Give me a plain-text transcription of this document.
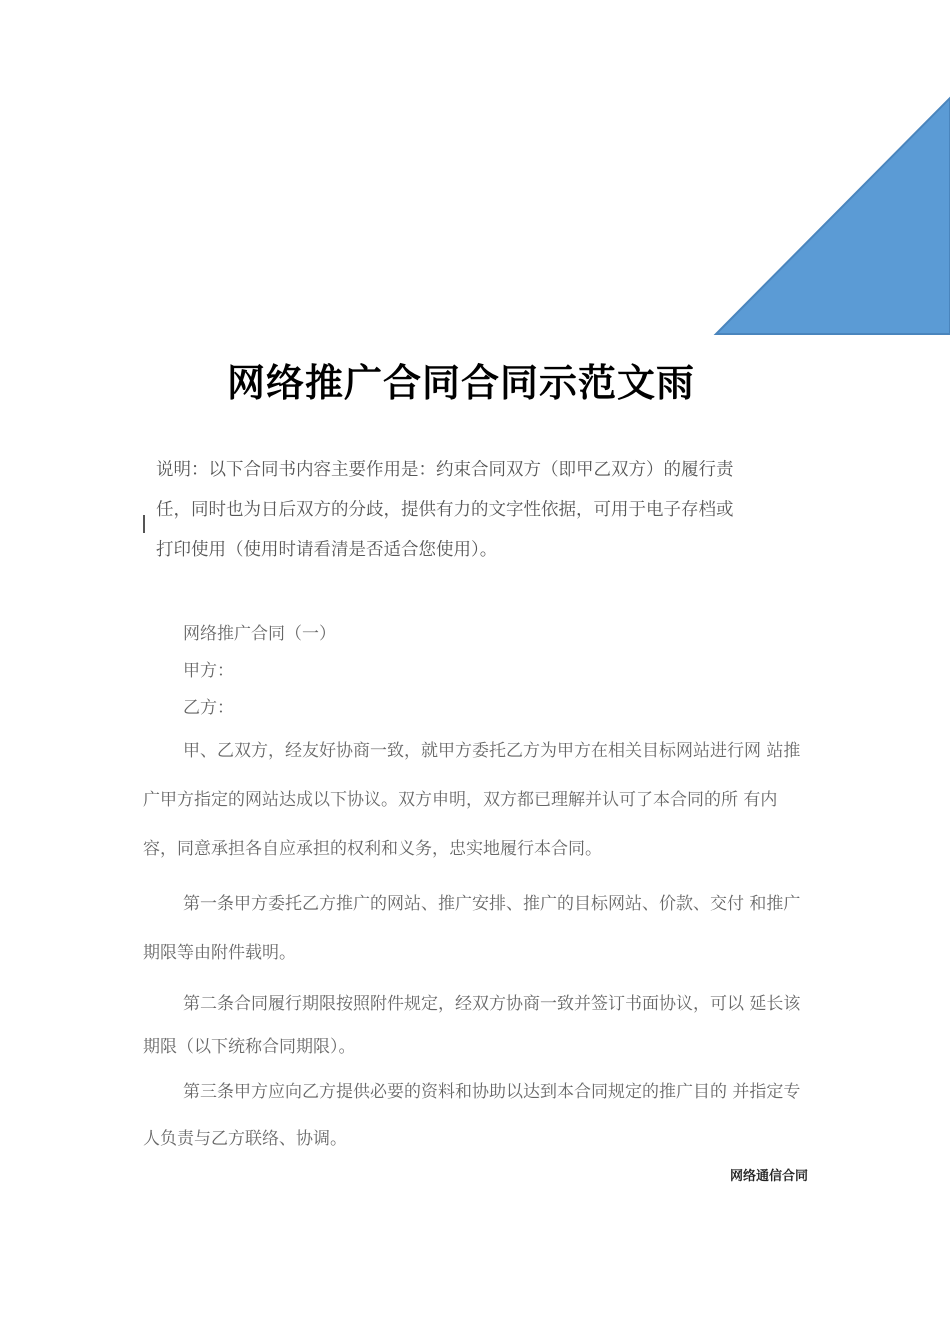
网络推广合同合同示范文雨
说明：以下合同书内容主要作用是：约束合同双方（即甲乙双方）的履行责
任，同时也为日后双方的分歧，提供有力的文字性依据，可用于电子存档或
打印使用（使用时请看清是否适合您使用）。
网络推广合同（一）
甲方：
乙方：
甲、乙双方，经友好协商一致，就甲方委托乙方为甲方在相关目标网站进行网 站推
广甲方指定的网站达成以下协议。双方申明，双方都已理解并认可了本合同的所 有内
容，同意承担各自应承担的权利和义务，忠实地履行本合同。
第一条甲方委托乙方推广的网站、推广安排、推广的目标网站、价款、交付 和推广
期限等由附件载明。
第二条合同履行期限按照附件规定，经双方协商一致并签订书面协议，可以 延长该
期限（以下统称合同期限）。
第三条甲方应向乙方提供必要的资料和协助以达到本合同规定的推广目的 并指定专
人负责与乙方联络、协调。
网络通信合同
